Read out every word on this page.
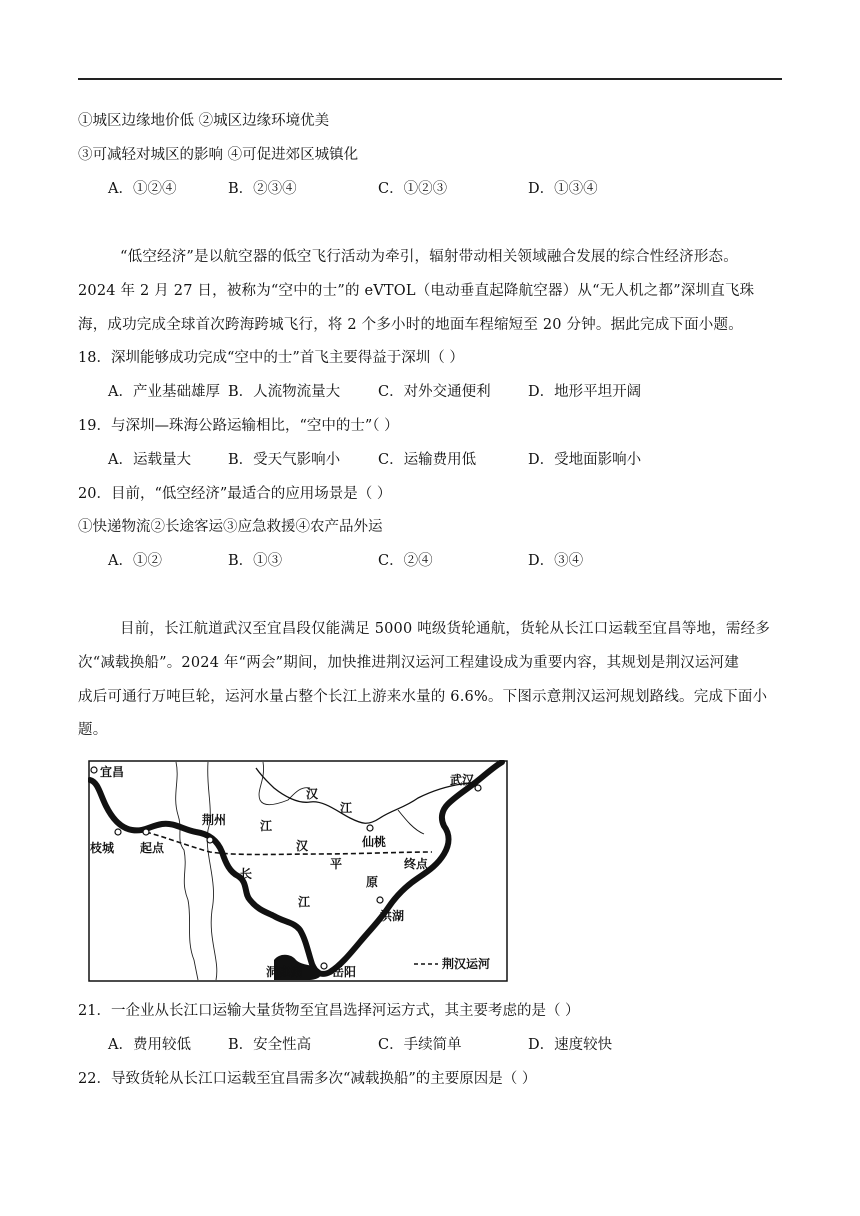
①城区边缘地价低 ②城区边缘环境优美
③可减轻对城区的影响 ④可促进郊区城镇化
A．①②④	B．②③④	C．①②③	D．①③④
“低空经济”是以航空器的低空飞行活动为牵引，辐射带动相关领域融合发展的综合性经济形态。
2024 年 2 月 27 日，被称为“空中的士”的 eVTOL（电动垂直起降航空器）从“无人机之都”深圳直飞珠
海，成功完成全球首次跨海跨城飞行，将 2 个多小时的地面车程缩短至 20 分钟。据此完成下面小题。
18．深圳能够成功完成“空中的士”首飞主要得益于深圳（ ）
A．产业基础雄厚 B．人流物流量大	C．对外交通便利	D．地形平坦开阔
19．与深圳—珠海公路运输相比，“空中的士”（ ）
A．运载量大	B．受天气影响小	C．运输费用低	D．受地面影响小
20．目前，“低空经济”最适合的应用场景是（ ）
①快递物流②长途客运③应急救援④农产品外运
A．①②	B．①③	C．②④	D．③④
目前，长江航道武汉至宜昌段仅能满足 5000 吨级货轮通航，货轮从长江口运载至宜昌等地，需经多
次“减载换船”。2024 年“两会”期间，加快推进荆汉运河工程建设成为重要内容，其规划是荆汉运河建
成后可通行万吨巨轮，运河水量占整个长江上游来水量的 6.6%。下图示意荆汉运河规划路线。完成下面小
题。
宜昌
武汉
荆州
枝城 起点
终点
仙桃
洪湖
洞庭湖 岳阳
汉
江
江
汉
平
原
长
江
荆汉运河
21．一企业从长江口运输大量货物至宜昌选择河运方式，其主要考虑的是（ ）
A．费用较低	B．安全性高	C．手续简单	D．速度较快
22．导致货轮从长江口运载至宜昌需多次“减载换船”的主要原因是（ ）
